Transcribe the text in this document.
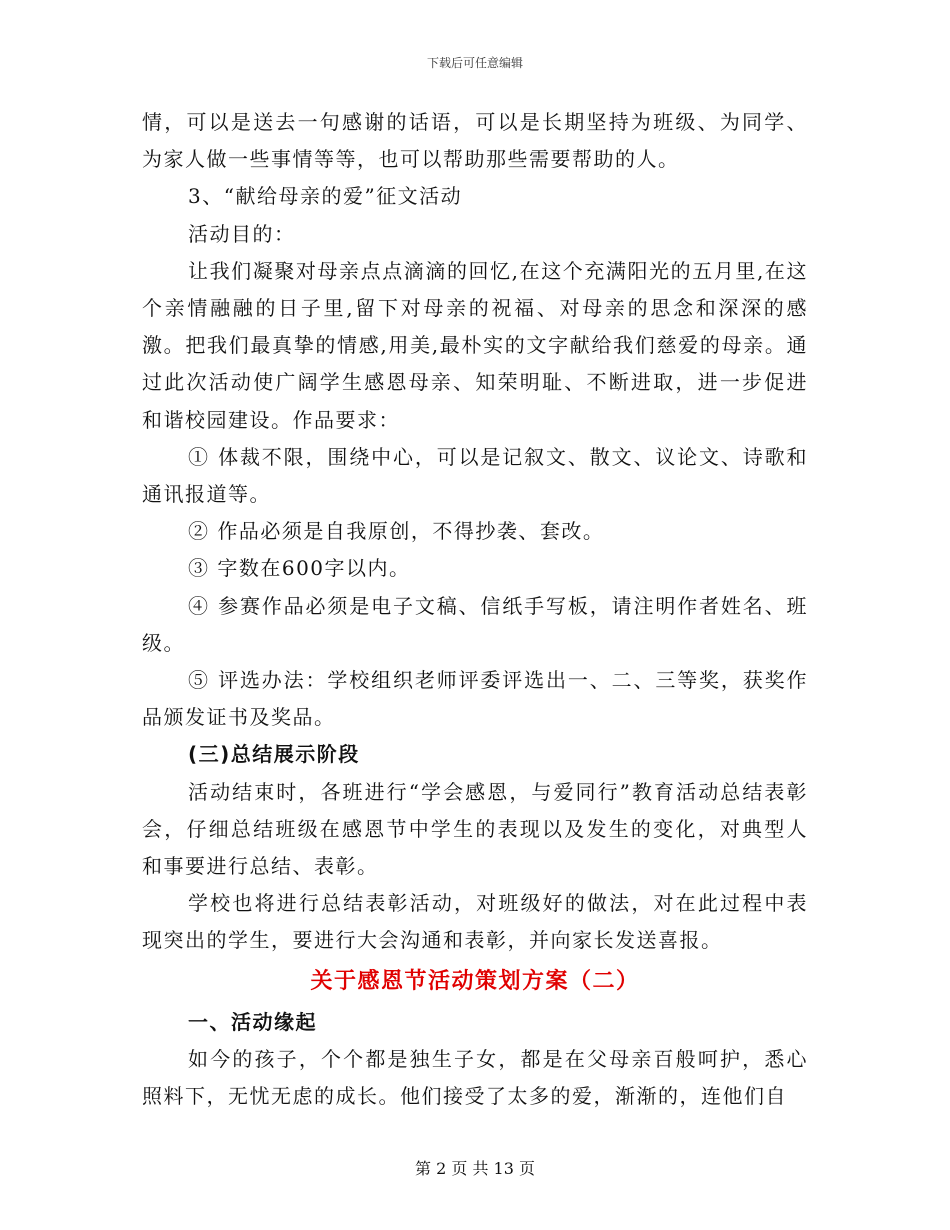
下载后可任意编辑

情，可以是送去一句感谢的话语，可以是长期坚持为班级、为同学、为家人做一些事情等等，也可以帮助那些需要帮助的人。

3、“献给母亲的爱”征文活动

活动目的：

让我们凝聚对母亲点点滴滴的回忆,在这个充满阳光的五月里,在这个亲情融融的日子里,留下对母亲的祝福、对母亲的思念和深深的感激。把我们最真挚的情感,用美,最朴实的文字献给我们慈爱的母亲。通过此次活动使广阔学生感恩母亲、知荣明耻、不断进取，进一步促进和谐校园建设。作品要求：

① 体裁不限，围绕中心，可以是记叙文、散文、议论文、诗歌和通讯报道等。

② 作品必须是自我原创，不得抄袭、套改。

③ 字数在600字以内。

④ 参赛作品必须是电子文稿、信纸手写板，请注明作者姓名、班级。

⑤ 评选办法：学校组织老师评委评选出一、二、三等奖，获奖作品颁发证书及奖品。

(三)总结展示阶段

活动结束时，各班进行“学会感恩，与爱同行”教育活动总结表彰会，仔细总结班级在感恩节中学生的表现以及发生的变化，对典型人和事要进行总结、表彰。

学校也将进行总结表彰活动，对班级好的做法，对在此过程中表现突出的学生，要进行大会沟通和表彰，并向家长发送喜报。

关于感恩节活动策划方案（二）

一、活动缘起

如今的孩子，个个都是独生子女，都是在父母亲百般呵护，悉心照料下，无忧无虑的成长。他们接受了太多的爱，渐渐的，连他们自

第 2 页 共 13 页
